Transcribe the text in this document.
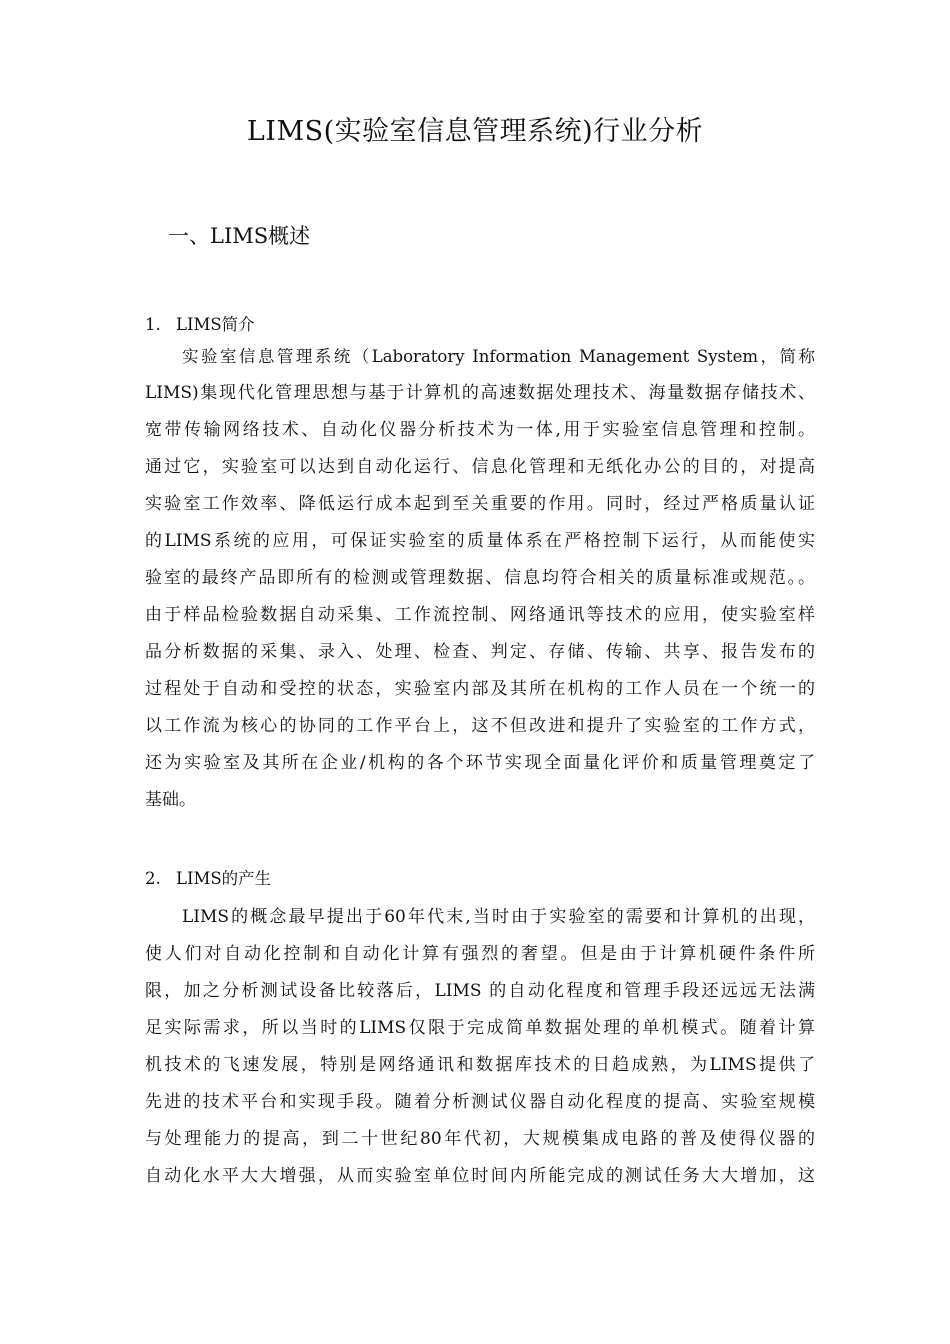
LIMS(实验室信息管理系统)行业分析
一、LIMS概述
1. LIMS简介
实验室信息管理系统（Laboratory Information Management System，简称
LIMS)集现代化管理思想与基于计算机的高速数据处理技术、海量数据存储技术、
宽带传输网络技术、自动化仪器分析技术为一体,用于实验室信息管理和控制。
通过它，实验室可以达到自动化运行、信息化管理和无纸化办公的目的，对提高
实验室工作效率、降低运行成本起到至关重要的作用。同时，经过严格质量认证
的LIMS系统的应用，可保证实验室的质量体系在严格控制下运行，从而能使实
验室的最终产品即所有的检测或管理数据、信息均符合相关的质量标准或规范。。
由于样品检验数据自动采集、工作流控制、网络通讯等技术的应用，使实验室样
品分析数据的采集、录入、处理、检查、判定、存储、传输、共享、报告发布的
过程处于自动和受控的状态，实验室内部及其所在机构的工作人员在一个统一的
以工作流为核心的协同的工作平台上，这不但改进和提升了实验室的工作方式，
还为实验室及其所在企业/机构的各个环节实现全面量化评价和质量管理奠定了
基础。
2. LIMS的产生
LIMS的概念最早提出于60年代末,当时由于实验室的需要和计算机的出现，
使人们对自动化控制和自动化计算有强烈的奢望。但是由于计算机硬件条件所
限，加之分析测试设备比较落后，LIMS 的自动化程度和管理手段还远远无法满
足实际需求，所以当时的LIMS仅限于完成简单数据处理的单机模式。随着计算
机技术的飞速发展，特别是网络通讯和数据库技术的日趋成熟，为LIMS提供了
先进的技术平台和实现手段。随着分析测试仪器自动化程度的提高、实验室规模
与处理能力的提高，到二十世纪80年代初，大规模集成电路的普及使得仪器的
自动化水平大大增强，从而实验室单位时间内所能完成的测试任务大大增加，这
